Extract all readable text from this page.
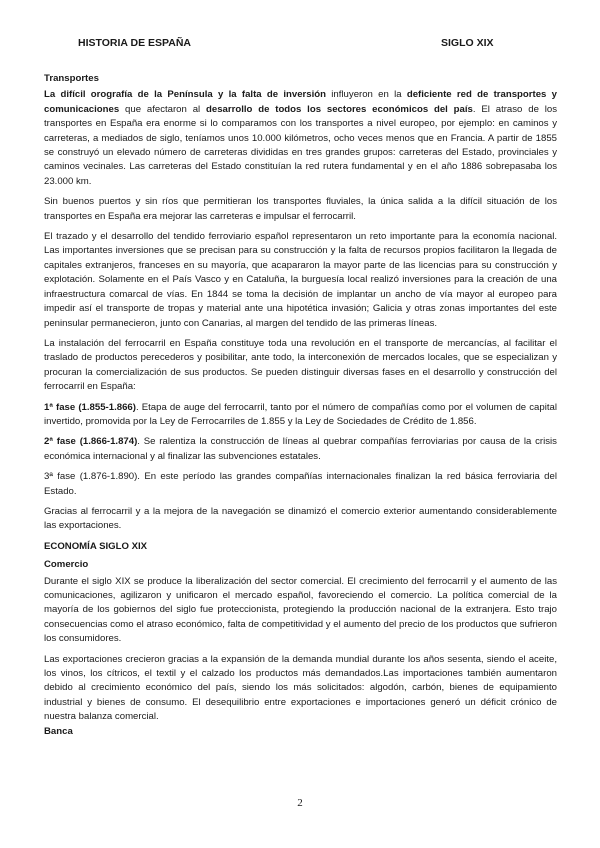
HISTORIA DE ESPAÑA	SIGLO XIX
Transportes

La difícil orografía de la Península y la falta de inversión influyeron en la deficiente red de transportes y comunicaciones que afectaron al desarrollo de todos los sectores económicos del país. El atraso de los transportes en España era enorme si lo comparamos con los transportes a nivel europeo, por ejemplo: en caminos y carreteras, a mediados de siglo, teníamos unos 10.000 kilómetros, ocho veces menos que en Francia. A partir de 1855 se construyó un elevado número de carreteras divididas en tres grandes grupos: carreteras del Estado, provinciales y caminos vecinales. Las carreteras del Estado constituían la red rutera fundamental y en el año 1886 sobrepasaba los 23.000 km.

Sin buenos puertos y sin ríos que permitieran los transportes fluviales, la única salida a la difícil situación de los transportes en España era mejorar las carreteras e impulsar el ferrocarril.

El trazado y el desarrollo del tendido ferroviario español representaron un reto importante para la economía nacional. Las importantes inversiones que se precisan para su construcción y la falta de recursos propios facilitaron la llegada de capitales extranjeros, franceses en su mayoría, que acapararon la mayor parte de las licencias para su construcción y explotación. Solamente en el País Vasco y en Cataluña, la burguesía local realizó inversiones para la creación de una infraestructura comarcal de vías. En 1844 se toma la decisión de implantar un ancho de vía mayor al europeo para impedir así el transporte de tropas y material ante una hipotética invasión; Galicia y otras zonas importantes del este peninsular permanecieron, junto con Canarias, al margen del tendido de las primeras líneas.

La instalación del ferrocarril en España constituye toda una revolución en el transporte de mercancías, al facilitar el traslado de productos perecederos y posibilitar, ante todo, la interconexión de mercados locales, que se especializan y procuran la comercialización de sus productos. Se pueden distinguir diversas fases en el desarrollo y construcción del ferrocarril en España:

1ª fase (1.855-1.866). Etapa de auge del ferrocarril, tanto por el número de compañías como por el volumen de capital invertido, promovida por la Ley de Ferrocarriles de 1.855 y la Ley de Sociedades de Crédito de 1.856.

2ª fase (1.866-1.874). Se ralentiza la construcción de líneas al quebrar compañías ferroviarias por causa de la crisis económica internacional y al finalizar las subvenciones estatales.

3ª fase (1.876-1.890). En este período las grandes compañías internacionales finalizan la red básica ferroviaria del Estado.

Gracias al ferrocarril y a la mejora de la navegación se dinamizó el comercio exterior aumentando considerablemente las exportaciones.

ECONOMÍA SIGLO XIX
Comercio

Durante el siglo XIX se produce la liberalización del sector comercial. El crecimiento del ferrocarril y el aumento de las comunicaciones, agilizaron y unificaron el mercado español, favoreciendo el comercio. La política comercial de la mayoría de los gobiernos del siglo fue proteccionista, protegiendo la producción nacional de la extranjera. Esto trajo consecuencias como el atraso económico, falta de competitividad y el aumento del precio de los productos que sufrieron los consumidores.

Las exportaciones crecieron gracias a la expansión de la demanda mundial durante los años sesenta, siendo el aceite, los vinos, los cítricos, el textil y el calzado los productos más demandados.Las importaciones también aumentaron debido al crecimiento económico del país, siendo los más solicitados: algodón, carbón, bienes de equipamiento industrial y bienes de consumo. El desequilibrio entre exportaciones e importaciones generó un déficit crónico de nuestra balanza comercial.

Banca
2
